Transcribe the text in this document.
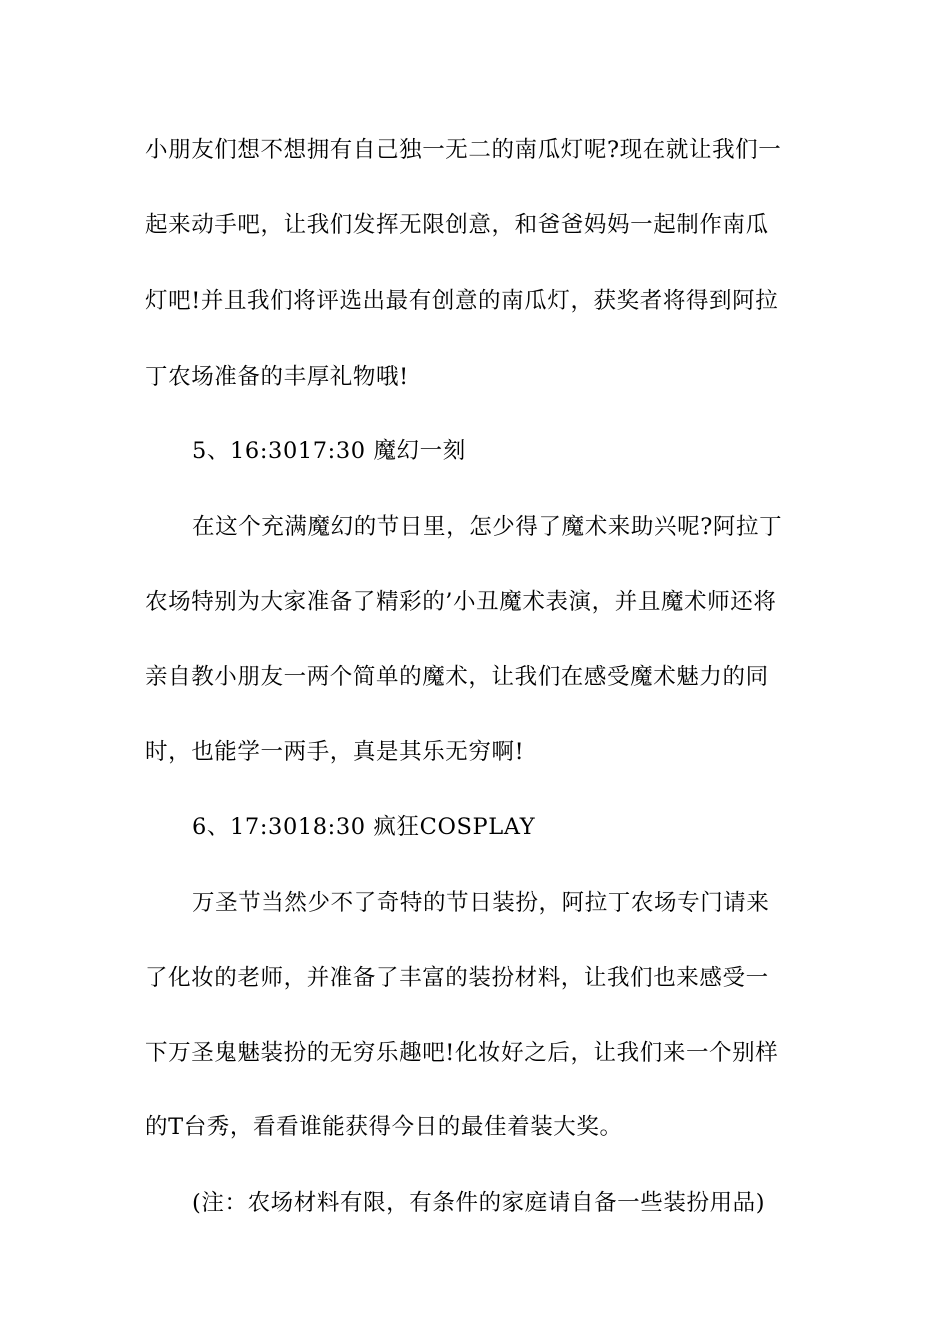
小朋友们想不想拥有自己独一无二的南瓜灯呢?现在就让我们一
起来动手吧，让我们发挥无限创意，和爸爸妈妈一起制作南瓜
灯吧!并且我们将评选出最有创意的南瓜灯，获奖者将得到阿拉
丁农场准备的丰厚礼物哦!
5、16:3017:30 魔幻一刻
在这个充满魔幻的节日里，怎少得了魔术来助兴呢?阿拉丁
农场特别为大家准备了精彩的’小丑魔术表演，并且魔术师还将
亲自教小朋友一两个简单的魔术，让我们在感受魔术魅力的同
时，也能学一两手，真是其乐无穷啊!
6、17:3018:30 疯狂COSPLAY
万圣节当然少不了奇特的节日装扮，阿拉丁农场专门请来
了化妆的老师，并准备了丰富的装扮材料，让我们也来感受一
下万圣鬼魅装扮的无穷乐趣吧!化妆好之后，让我们来一个别样
的T台秀，看看谁能获得今日的最佳着装大奖。
(注：农场材料有限，有条件的家庭请自备一些装扮用品)
